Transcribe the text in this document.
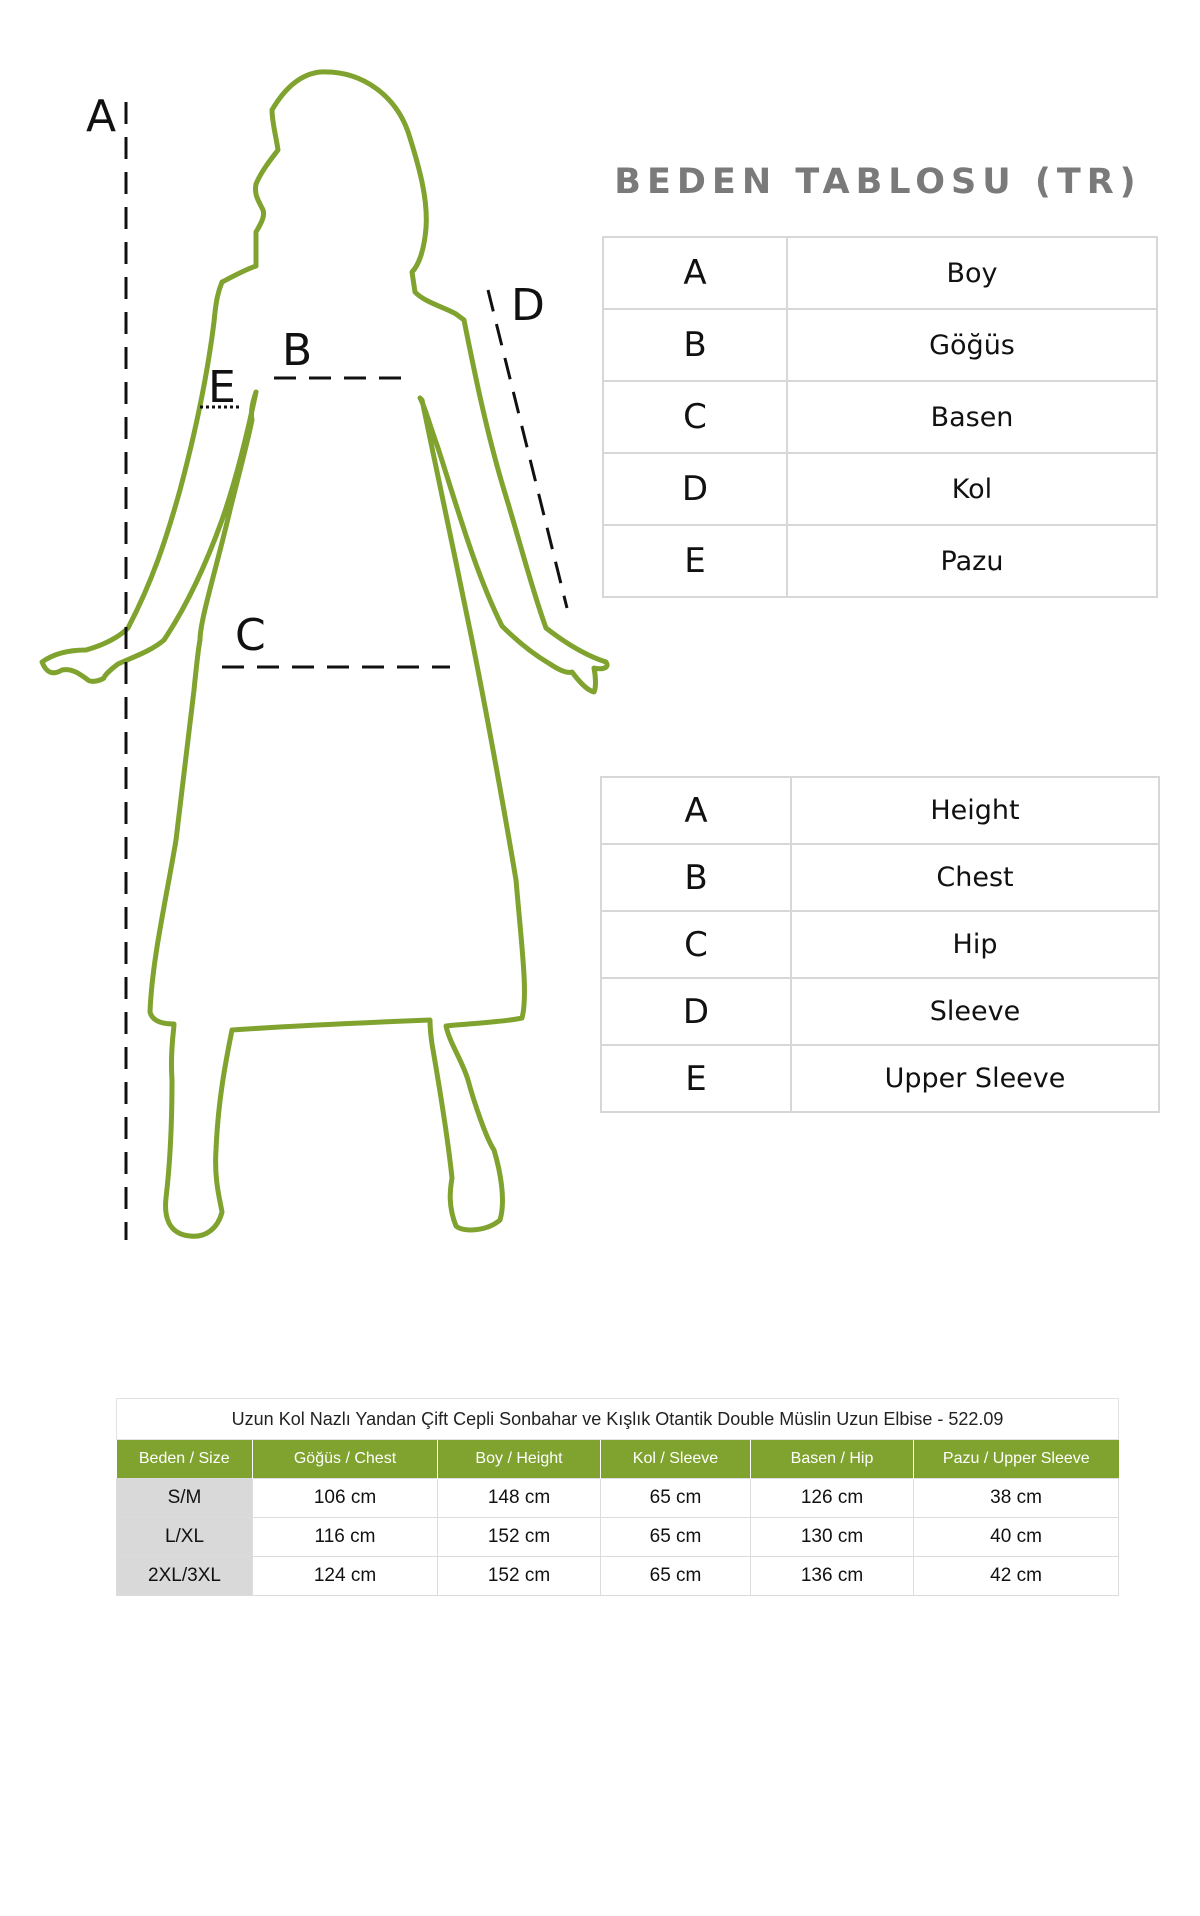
A
B
C
D
E
BEDEN TABLOSU (TR)
A	Boy
B	Göğüs
C	Basen
D	Kol
E	Pazu
A	Height
B	Chest
C	Hip
D	Sleeve
E	Upper Sleeve
Uzun Kol Nazlı Yandan Çift Cepli Sonbahar ve Kışlık Otantik Double Müslin Uzun Elbise - 522.09					
Beden / Size	Göğüs / Chest	Boy / Height	Kol / Sleeve	Basen / Hip	Pazu / Upper Sleeve
S/M	106 cm	148 cm	65 cm	126 cm	38 cm
L/XL	116 cm	152 cm	65 cm	130 cm	40 cm
2XL/3XL	124 cm	152 cm	65 cm	136 cm	42 cm
